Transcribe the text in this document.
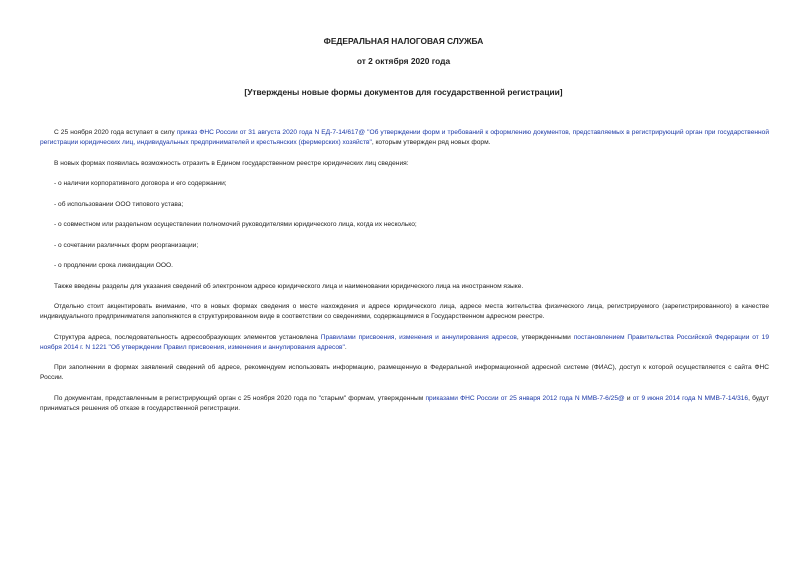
ФЕДЕРАЛЬНАЯ НАЛОГОВАЯ СЛУЖБА
от 2 октября 2020 года
[Утверждены новые формы документов для государственной регистрации]

С 25 ноября 2020 года вступает в силу приказ ФНС России от 31 августа 2020 года N ЕД-7-14/617@ "Об утверждении форм и требований к оформлению документов, представляемых в регистрирующий орган при государственной регистрации юридических лиц, индивидуальных предпринимателей и крестьянских (фермерских) хозяйств", которым утвержден ряд новых форм.

В новых формах появилась возможность отразить в Едином государственном реестре юридических лиц сведения:

- о наличии корпоративного договора и его содержании;

- об использовании ООО типового устава;

- о совместном или раздельном осуществлении полномочий руководителями юридического лица, когда их несколько;

- о сочетании различных форм реорганизации;

- о продлении срока ликвидации ООО.

Также введены разделы для указания сведений об электронном адресе юридического лица и наименовании юридического лица на иностранном языке.

Отдельно стоит акцентировать внимание, что в новых формах сведения о месте нахождения и адресе юридического лица, адресе места жительства физического лица, регистрируемого (зарегистрированного) в качестве индивидуального предпринимателя заполняются в структурированном виде в соответствии со сведениями, содержащимися в Государственном адресном реестре.

Структура адреса, последовательность адресообразующих элементов установлена Правилами присвоения, изменения и аннулирования адресов, утвержденными постановлением Правительства Российской Федерации от 19 ноября 2014 г. N 1221 "Об утверждении Правил присвоения, изменения и аннулирования адресов".

При заполнении в формах заявлений сведений об адресе, рекомендуем использовать информацию, размещенную в Федеральной информационной адресной системе (ФИАС), доступ к которой осуществляется с сайта ФНС России.

По документам, представленным в регистрирующий орган с 25 ноября 2020 года по "старым" формам, утвержденным приказами ФНС России от 25 января 2012 года N ММВ-7-6/25@ и от 9 июня 2014 года N ММВ-7-14/316, будут приниматься решения об отказе в государственной регистрации.
